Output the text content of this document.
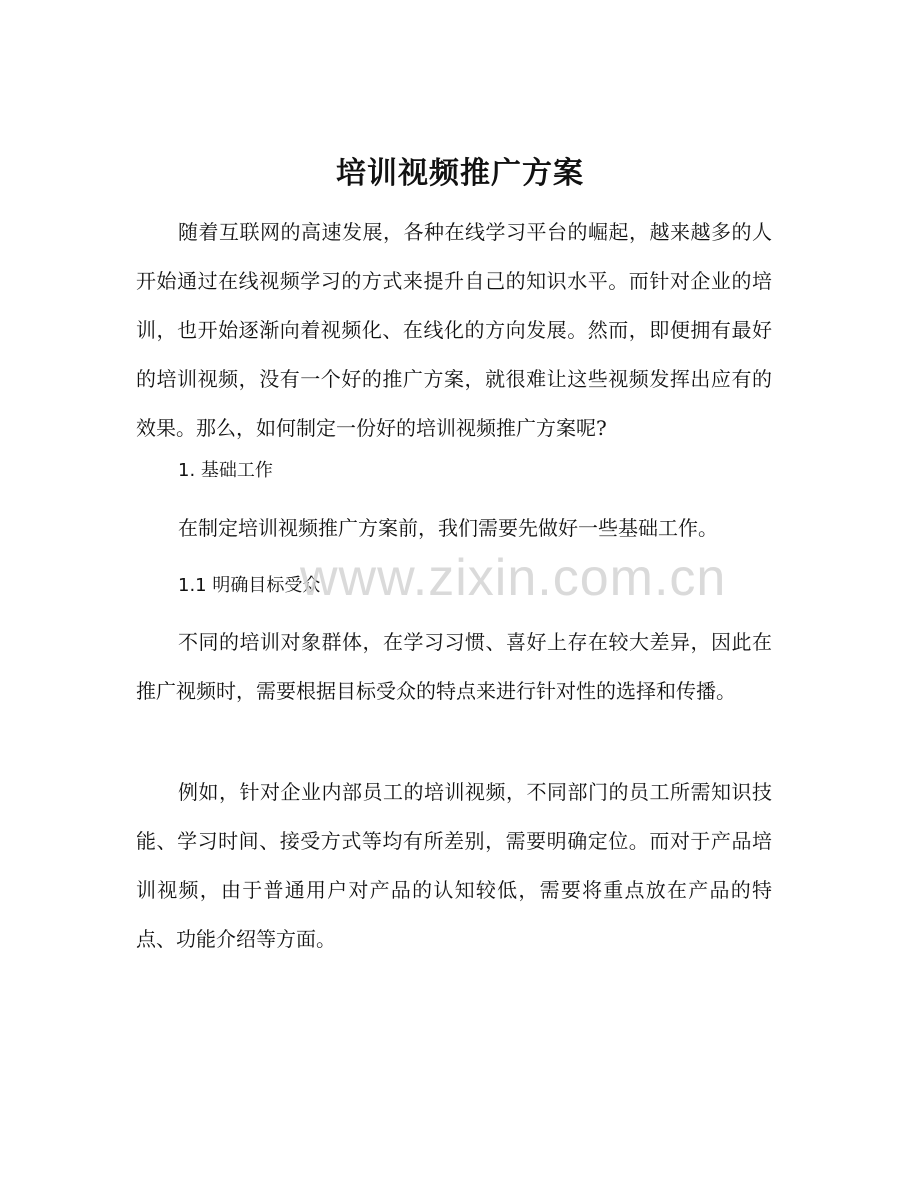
培训视频推广方案

随着互联网的高速发展，各种在线学习平台的崛起，越来越多的人开始通过在线视频学习的方式来提升自己的知识水平。而针对企业的培训，也开始逐渐向着视频化、在线化的方向发展。然而，即便拥有最好的培训视频，没有一个好的推广方案，就很难让这些视频发挥出应有的效果。那么，如何制定一份好的培训视频推广方案呢?

1. 基础工作

在制定培训视频推广方案前，我们需要先做好一些基础工作。

1.1 明确目标受众

不同的培训对象群体，在学习习惯、喜好上存在较大差异，因此在推广视频时，需要根据目标受众的特点来进行针对性的选择和传播。

例如，针对企业内部员工的培训视频，不同部门的员工所需知识技能、学习时间、接受方式等均有所差别，需要明确定位。而对于产品培训视频，由于普通用户对产品的认知较低，需要将重点放在产品的特点、功能介绍等方面。

www.zixin.com.cn
